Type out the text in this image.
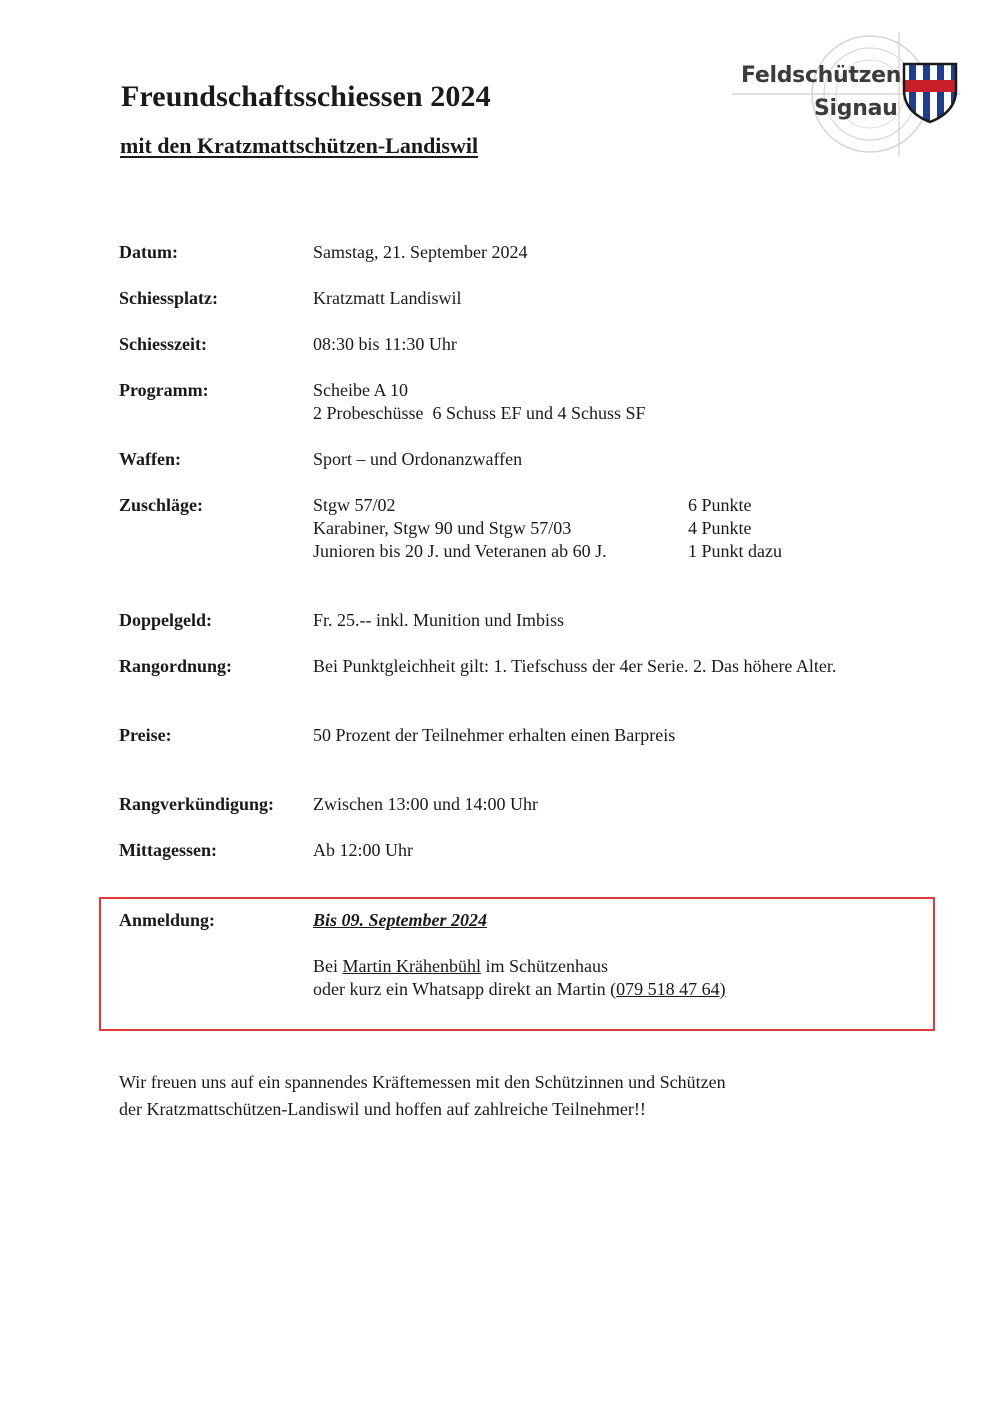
Freundschaftsschiessen 2024
mit den Kratzmattschützen-Landiswil
Feldschützen
Signau
Datum:	Samstag, 21. September 2024
Schiessplatz:	Kratzmatt Landiswil
Schiesszeit:	08:30 bis 11:30 Uhr
Programm:	Scheibe A 10
2 Probeschüsse  6 Schuss EF und 4 Schuss SF
Waffen:	Sport – und Ordonanzwaffen
Zuschläge:	Stgw 57/02	6 Punkte
Karabiner, Stgw 90 und Stgw 57/03	4 Punkte
Junioren bis 20 J. und Veteranen ab 60 J.	1 Punkt dazu
Doppelgeld:	Fr. 25.-- inkl. Munition und Imbiss
Rangordnung:	Bei Punktgleichheit gilt: 1. Tiefschuss der 4er Serie. 2. Das höhere Alter.
Preise:	50 Prozent der Teilnehmer erhalten einen Barpreis
Rangverkündigung: Zwischen 13:00 und 14:00 Uhr
Mittagessen:	Ab 12:00 Uhr
Anmeldung:	Bis 09. September 2024
Bei Martin Krähenbühl im Schützenhaus
oder kurz ein Whatsapp direkt an Martin (079 518 47 64)

Wir freuen uns auf ein spannendes Kräftemessen mit den Schützinnen und Schützen
der Kratzmattschützen-Landiswil und hoffen auf zahlreiche Teilnehmer!!
